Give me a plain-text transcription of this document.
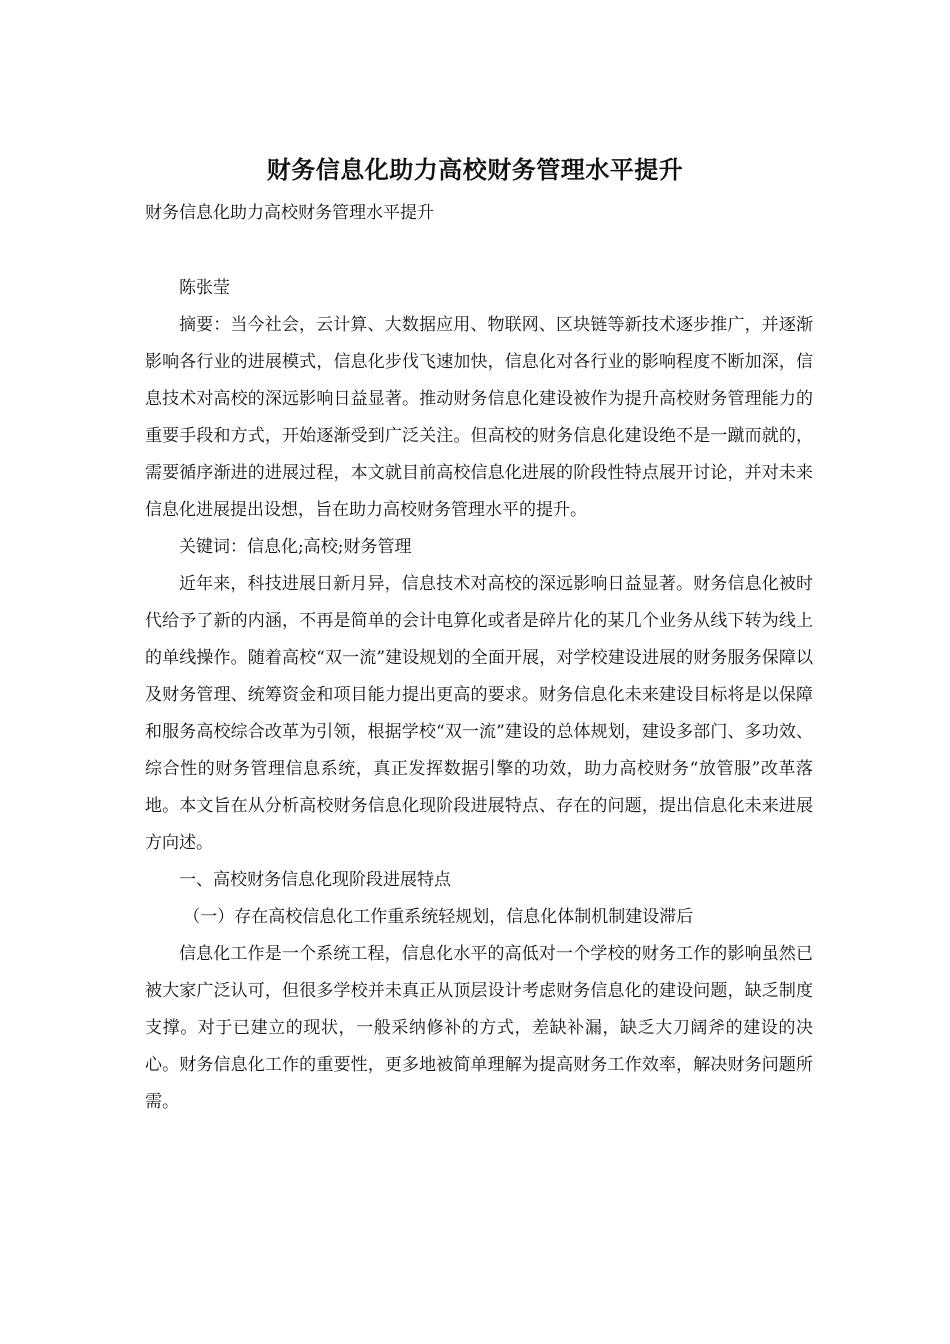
财务信息化助力高校财务管理水平提升

财务信息化助力高校财务管理水平提升

陈张莹

摘要：当今社会，云计算、大数据应用、物联网、区块链等新技术逐步推广，并逐渐影响各行业的进展模式，信息化步伐飞速加快，信息化对各行业的影响程度不断加深，信息技术对高校的深远影响日益显著。推动财务信息化建设被作为提升高校财务管理能力的重要手段和方式，开始逐渐受到广泛关注。但高校的财务信息化建设绝不是一蹴而就的，需要循序渐进的进展过程，本文就目前高校信息化进展的阶段性特点展开讨论，并对未来信息化进展提出设想，旨在助力高校财务管理水平的提升。

关键词：信息化;高校;财务管理

近年来，科技进展日新月异，信息技术对高校的深远影响日益显著。财务信息化被时代给予了新的内涵，不再是简单的会计电算化或者是碎片化的某几个业务从线下转为线上的单线操作。随着高校“双一流”建设规划的全面开展，对学校建设进展的财务服务保障以及财务管理、统筹资金和项目能力提出更高的要求。财务信息化未来建设目标将是以保障和服务高校综合改革为引领，根据学校“双一流”建设的总体规划，建设多部门、多功效、综合性的财务管理信息系统，真正发挥数据引擎的功效，助力高校财务“放管服”改革落地。本文旨在从分析高校财务信息化现阶段进展特点、存在的问题，提出信息化未来进展方向述。

一、高校财务信息化现阶段进展特点

（一）存在高校信息化工作重系统轻规划，信息化体制机制建设滞后

信息化工作是一个系统工程，信息化水平的高低对一个学校的财务工作的影响虽然已被大家广泛认可，但很多学校并未真正从顶层设计考虑财务信息化的建设问题，缺乏制度支撑。对于已建立的现状，一般采纳修补的方式，差缺补漏，缺乏大刀阔斧的建设的决心。财务信息化工作的重要性，更多地被简单理解为提高财务工作效率，解决财务问题所需。
